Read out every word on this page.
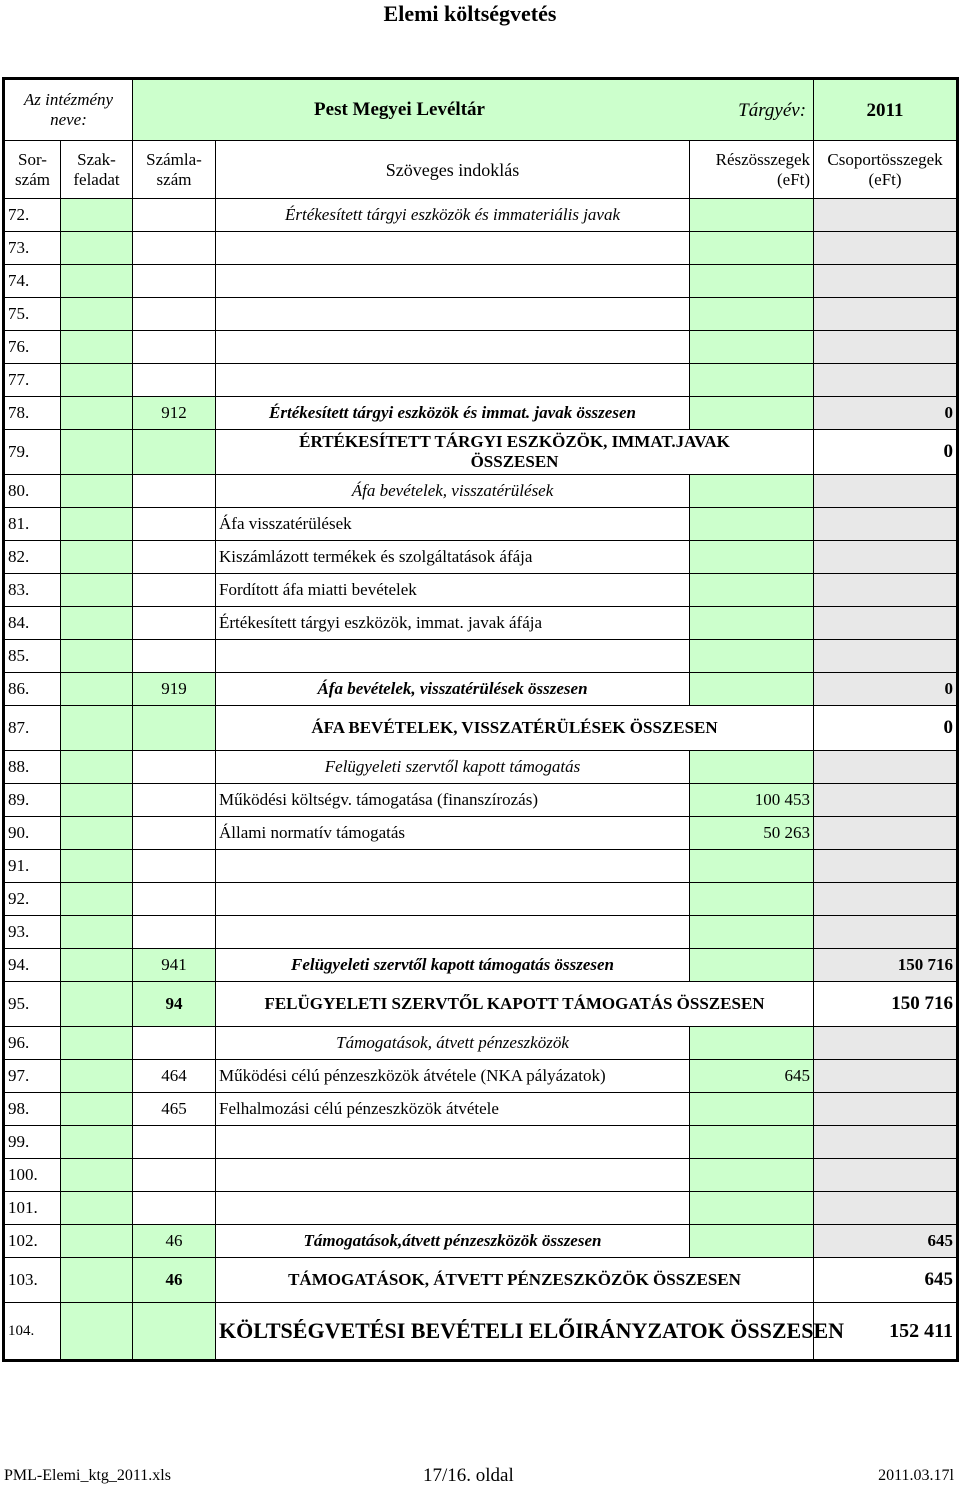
Elemi költségvetés
Az intézmény neve:		Pest Megyei Levéltár			Tárgyév: 2011

Sor-szám	Szak-feladat	Számla-szám	Szöveges indoklás	Részösszegek (eFt)	Csoportösszegek (eFt)
72.			Értékesített tárgyi eszközök és immateriális javak		
73.					
74.					
75.					
76.					
77.					
78.		912	Értékesített tárgyi eszközök és immat. javak összesen		0
79.			ÉRTÉKESÍTETT TÁRGYI ESZKÖZÖK, IMMAT.JAVAK ÖSSZESEN		0
80.			Áfa bevételek, visszatérülések		
81.			Áfa visszatérülések		
82.			Kiszámlázott termékek és szolgáltatások áfája		
83.			Fordított áfa miatti bevételek		
84.			Értékesített tárgyi eszközök, immat. javak áfája		
85.					
86.		919	Áfa bevételek, visszatérülések összesen		0
87.			ÁFA BEVÉTELEK, VISSZATÉRÜLÉSEK ÖSSZESEN		0
88.			Felügyeleti szervtől kapott támogatás		
89.			Működési költségv. támogatása (finanszírozás)	100 453	
90.			Állami normatív támogatás	50 263	
91.					
92.					
93.					
94.		941	Felügyeleti szervtől kapott támogatás összesen		150 716
95.		94	FELÜGYELETI SZERVTŐL KAPOTT TÁMOGATÁS ÖSSZESEN		150 716
96.			Támogatások, átvett pénzeszközök		
97.		464	Működési célú pénzeszközök átvétele (NKA pályázatok)	645	
98.		465	Felhalmozási célú pénzeszközök átvétele		
99.					
100.					
101.					
102.		46	Támogatások,átvett pénzeszközök összesen		645
103.		46	TÁMOGATÁSOK, ÁTVETT PÉNZESZKÖZÖK ÖSSZESEN		645
104.			KÖLTSÉGVETÉSI BEVÉTELI ELŐIRÁNYZATOK ÖSSZESEN		152 411
PML-Elemi_ktg_2011.xls	17/16. oldal	2011.03.17l
